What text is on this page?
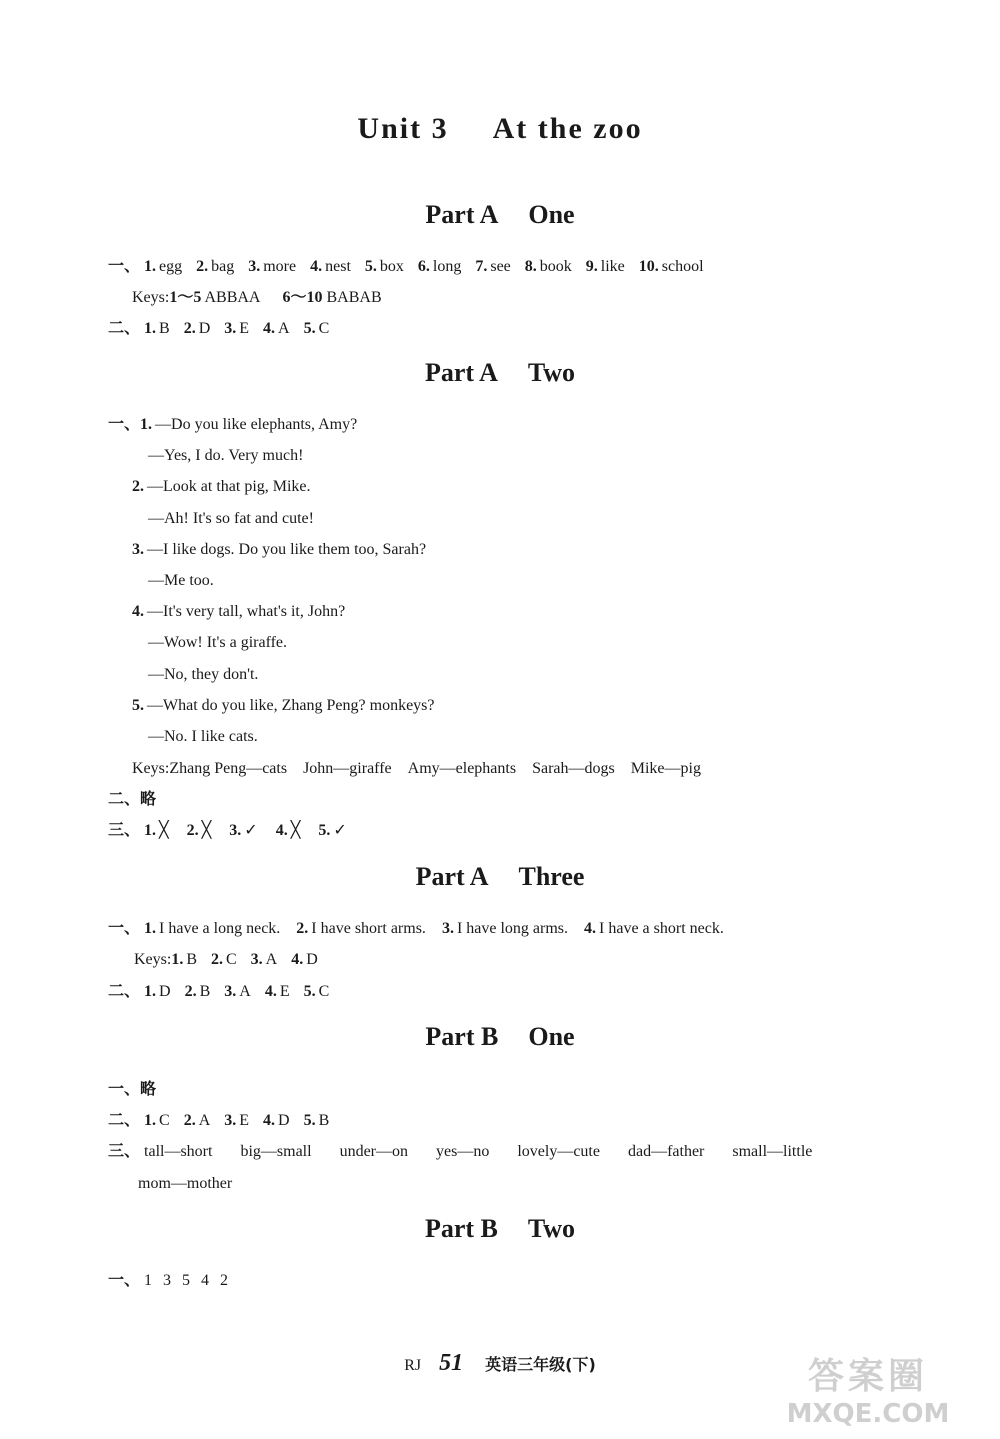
Unit 3 At the zoo
Part A One
一、 1. egg 2. bag 3. more 4. nest 5. box 6. long 7. see 8. book 9. like 10. school
Keys:1～5 ABBAA 6～10 BABAB
二、 1. B 2. D 3. E 4. A 5. C
Part A Two
一、1. —Do you like elephants, Amy?
—Yes, I do. Very much!
2. —Look at that pig, Mike.
—Ah! It's so fat and cute!
3. —I like dogs. Do you like them too, Sarah?
—Me too.
4. —It's very tall, what's it, John?
—Wow! It's a giraffe.
—No, they don't.
5. —What do you like, Zhang Peng? monkeys?
—No. I like cats.
Keys:Zhang Peng—cats John—giraffe Amy—elephants Sarah—dogs Mike—pig
二、略
三、 1. ╳ 2. ╳ 3. ✓ 4. ╳ 5. ✓
Part A Three
一、 1. I have a long neck. 2. I have short arms. 3. I have long arms. 4. I have a short neck.
Keys:1. B 2. C 3. A 4. D
二、 1. D 2. B 3. A 4. E 5. C
Part B One
一、略
二、 1. C 2. A 3. E 4. D 5. B
三、 tall—short big—small under—on yes—no lovely—cute dad—father small—little
mom—mother
Part B Two
一、 1 3 5 4 2
RJ 51 英语三年级(下)	答案圈
MXQE.COM
